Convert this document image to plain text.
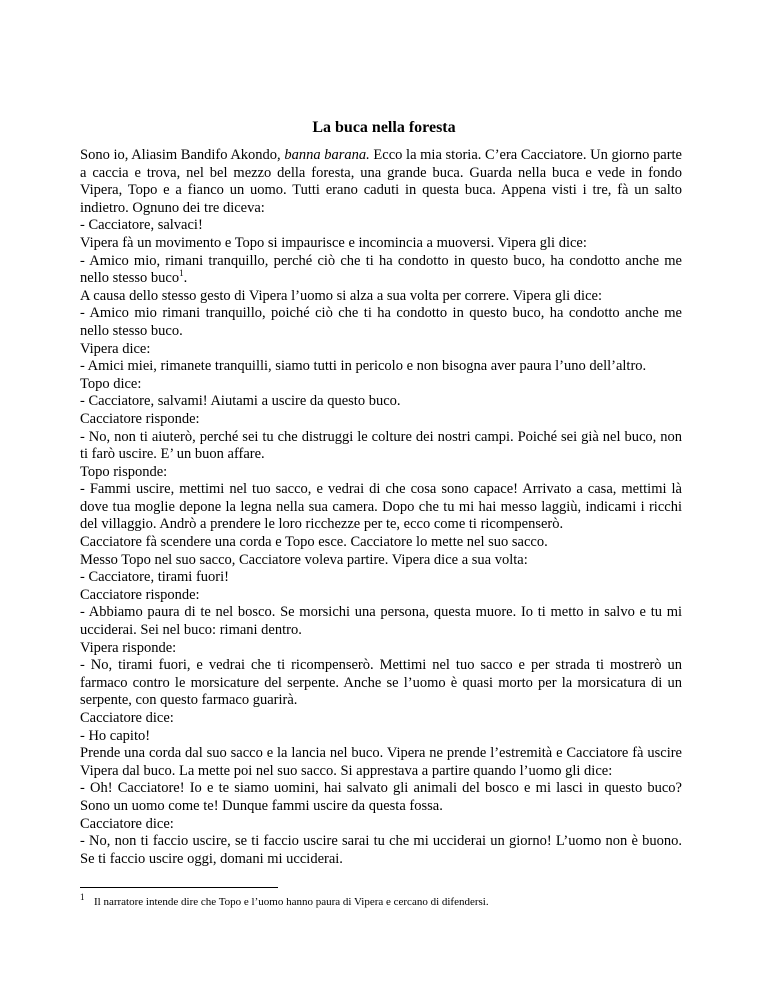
La buca nella foresta

Sono io, Aliasim Bandifo Akondo, banna barana. Ecco la mia storia. C’era Cacciatore. Un giorno parte a caccia e trova, nel bel mezzo della foresta, una grande buca. Guarda nella buca e vede in fondo Vipera, Topo e a fianco un uomo. Tutti erano caduti in questa buca. Appena visti i tre, fà un salto indietro. Ognuno dei tre diceva:

- Cacciatore, salvaci!

Vipera fà un movimento e Topo si impaurisce e incomincia a muoversi. Vipera gli dice:

- Amico mio, rimani tranquillo, perché ciò che ti ha condotto in questo buco, ha condotto anche me nello stesso buco$^1$.

A causa dello stesso gesto di Vipera l’uomo si alza a sua volta per correre. Vipera gli dice:

- Amico mio rimani tranquillo, poiché ciò che ti ha condotto in questo buco, ha condotto anche me nello stesso buco.

Vipera dice:

- Amici miei, rimanete tranquilli, siamo tutti in pericolo e non bisogna aver paura l’uno dell’altro.

Topo dice:

- Cacciatore, salvami! Aiutami a uscire da questo buco.

Cacciatore risponde:

- No, non ti aiuterò, perché sei tu che distruggi le colture dei nostri campi. Poiché sei già nel buco, non ti farò uscire. E’ un buon affare.

Topo risponde:

- Fammi uscire, mettimi nel tuo sacco, e vedrai di che cosa sono capace! Arrivato a casa, mettimi là dove tua moglie depone la legna nella sua camera. Dopo che tu mi hai messo laggiù, indicami i ricchi del villaggio. Andrò a prendere le loro ricchezze per te, ecco come ti ricompenserò.

Cacciatore fà scendere una corda e Topo esce. Cacciatore lo mette nel suo sacco.

Messo Topo nel suo sacco, Cacciatore voleva partire. Vipera dice a sua volta:

- Cacciatore, tirami fuori!

Cacciatore risponde:

- Abbiamo paura di te nel bosco. Se morsichi una persona, questa muore. Io ti metto in salvo e tu mi ucciderai. Sei nel buco: rimani dentro.

Vipera risponde:

- No, tirami fuori, e vedrai che ti ricompenserò. Mettimi nel tuo sacco e per strada ti mostrerò un farmaco contro le morsicature del serpente. Anche se l’uomo è quasi morto per la morsicatura di un serpente, con questo farmaco guarirà.

Cacciatore dice:

- Ho capito!

Prende una corda dal suo sacco e la lancia nel buco. Vipera ne prende l’estremità e Cacciatore fà uscire Vipera dal buco. La mette poi nel suo sacco. Si apprestava a partire quando l’uomo gli dice:

- Oh! Cacciatore! Io e te siamo uomini, hai salvato gli animali del bosco e mi lasci in questo buco? Sono un uomo come te! Dunque fammi uscire da questa fossa.

Cacciatore dice:

- No, non ti faccio uscire, se ti faccio uscire sarai tu che mi ucciderai un giorno! L’uomo non è buono. Se ti faccio uscire oggi, domani mi ucciderai.

1 Il narratore intende dire che Topo e l’uomo hanno paura di Vipera e cercano di difendersi.
